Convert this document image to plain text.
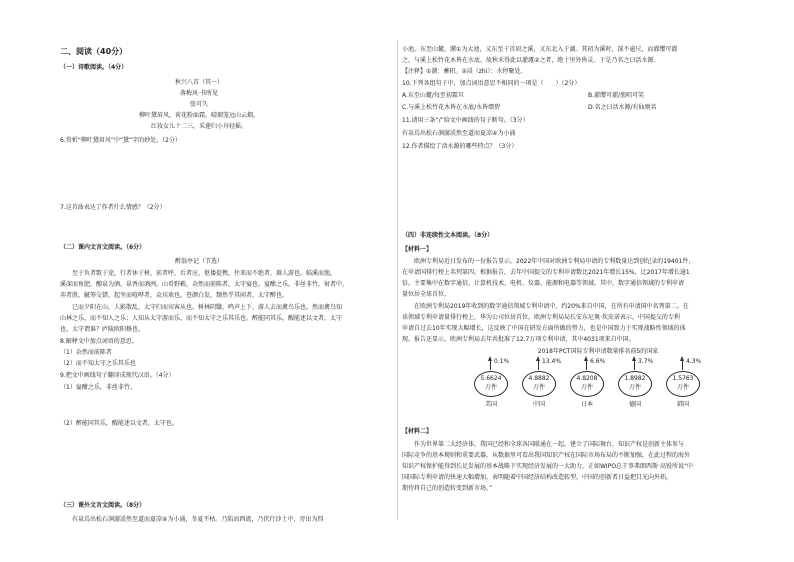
二、阅读（40分）
（一）诗歌阅读。（4分）
秋兴八首（其一）
落梅风·书所见
张可久
柳叶黛眉风，荷花粉面霜，晴烟笼远山云烟。
红妆女儿十二三，采莲归小舟轻摇。
6.赏析“柳叶黛眉风”中“黛”字的妙处。（2分）
7.这首曲表达了作者什么情感？（2分）
（二）课内文言文阅读。（6分）
醉翁亭记（节选）
至于负者歌于途，行者休于树，前者呼，后者应，伛偻提携，往来而不绝者，滁人游也。临溪而渔，
溪深而鱼肥，酿泉为酒，泉香而酒洌，山肴野蔌，杂然而前陈者，太守宴也。宴酣之乐，非丝非竹，射者中，
弈者胜，觥筹交错，起坐而喧哗者，众宾欢也。苍颜白发，颓然乎其间者，太守醉也。
已而夕阳在山，人影散乱，太守归而宾客从也。树林阴翳，鸣声上下，游人去而禽鸟乐也。然而禽鸟知
山林之乐，而不知人之乐；人知从太守游而乐，而不知太守之乐其乐也。醉能同其乐，醒能述以文者，太守
也。太守谓谁？庐陵欧阳修也。
8.解释文中加点词语的意思。
（1）杂然而前陈者
（2）而不知太守之乐其乐也
9.把文中画线句子翻译成现代汉语。（4分）
（1）宴酣之乐，非丝非竹。
（2）醉能同其乐，醒能述以文者，太守也。
（三）课外文言文阅读。（8分）
有泉焉出松石涧潺湲然至道而夏凉④为小涌，冬夏不枯。乃陷而西流，乃伏行沙土中，旁出为四
小池，东至山麓，潴①为大池，又东至于首眉之溪，又东北入于湖。其初为溪时，深不逾尺，而濯缨可濯
之，与溪上松竹花木皆在水底，故秋禾得此以灌溉②之者，绝十里外皆灵。于是乃名之曰活水源。
【注释】①潴：蓄积。②浸（zhì）：水停聚处。
10.下列各组句子中，加点词语意思不相同的一项是（　　）（2分）
A.东至山麓/每至初霜旦	B.濯缨可濯/渔唱可笑
C.与溪上松竹花木皆在水底/水皆缥碧	D.名之曰活水源/有仙则名
11.请用三条“/”给文中画线的句子断句。（3分）
有泉焉出松石涧潺湲然至道而夏凉④为小涌
12.作者描绘了活水源的哪些特点？（3分）
（四）非连续性文本阅读。（8分）
【材料一】
欧洲专利局近日发布的一份报告显示，2022年中国对欧洲专利局申请的专利数量达到创纪录的19401件，
在申请国排行榜上名列第四。根据报告，去年中国提交的专利申请数比2021年增长15%，比2017年增长逾1
倍。主要集中在数字通信、计算机技术、电机、仪器、能源和电器等领域。其中，数字通信领域的专利申请
量位居全球首位。
在欧洲专利局2019年收到的数字通信领域专利申请中，约20%来自中国，在所有申请国中名列第二。在
该领域专利申请量排行榜上，华为公司位居首位。欧洲专利局局长安东尼奥·坎皮诺表示，中国提交的专利
申请自过去10年实现大幅增长，这反映了中国在研发方面所做的努力，也是中国致力于实现战略性领域的体
现。报告还显示，欧洲专利局去年共批准了12.7万项专利申请，其中4031项来自中国。
2018年PCT国际专利申请数量排名前5的国家
0.1%
5.6624
万件
美国
13.4%
4.8882
万件
中国
6.6%
4.8208
万件
日本
3.7%
1.8982
万件
德国
4.3%
1.5763
万件
韩国
【材料二】
作为世界第二大经济体，我国已经和全球各国联通在一起。建立了国际舞台，知识产权是创新主体参与
国际竞争的基本规则和重要武器，从数据里可看出我国知识产权在国际市场布局的不断加强，在此过程的海外
知识产权保护能得到长足发展的基本战略下实现经济发展的一大助力，正如WIPO总干事弗朗西斯·高锐所说“中
国国际专利申请的快速大幅增加，表明随着中国经济结构改造转型，中国的创新者日益把目光向外拓，
期待将自己的创造转变到新市场。”
